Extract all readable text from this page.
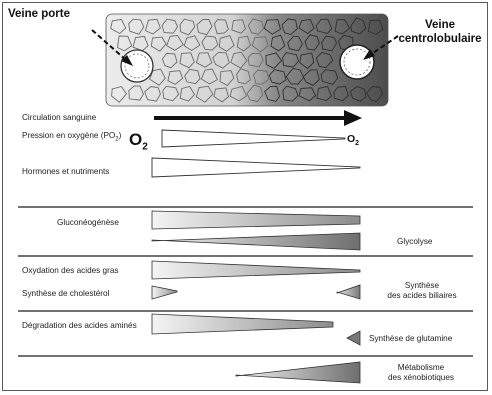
Veine porte
Veine
centrolobulaire
Circulation sanguine
Pression en oxygène $(PO_2)$ $O_2$
$O_2$
Hormones et nutriments
Gluconéogénèse
Glycolyse
Oxydation des acides gras
Synthèse de cholestérol
Synthèse
des acides biliaires
Dégradation des acides aminés
Synthèse de glutamine
Métabolisme
des xénobiotiques
